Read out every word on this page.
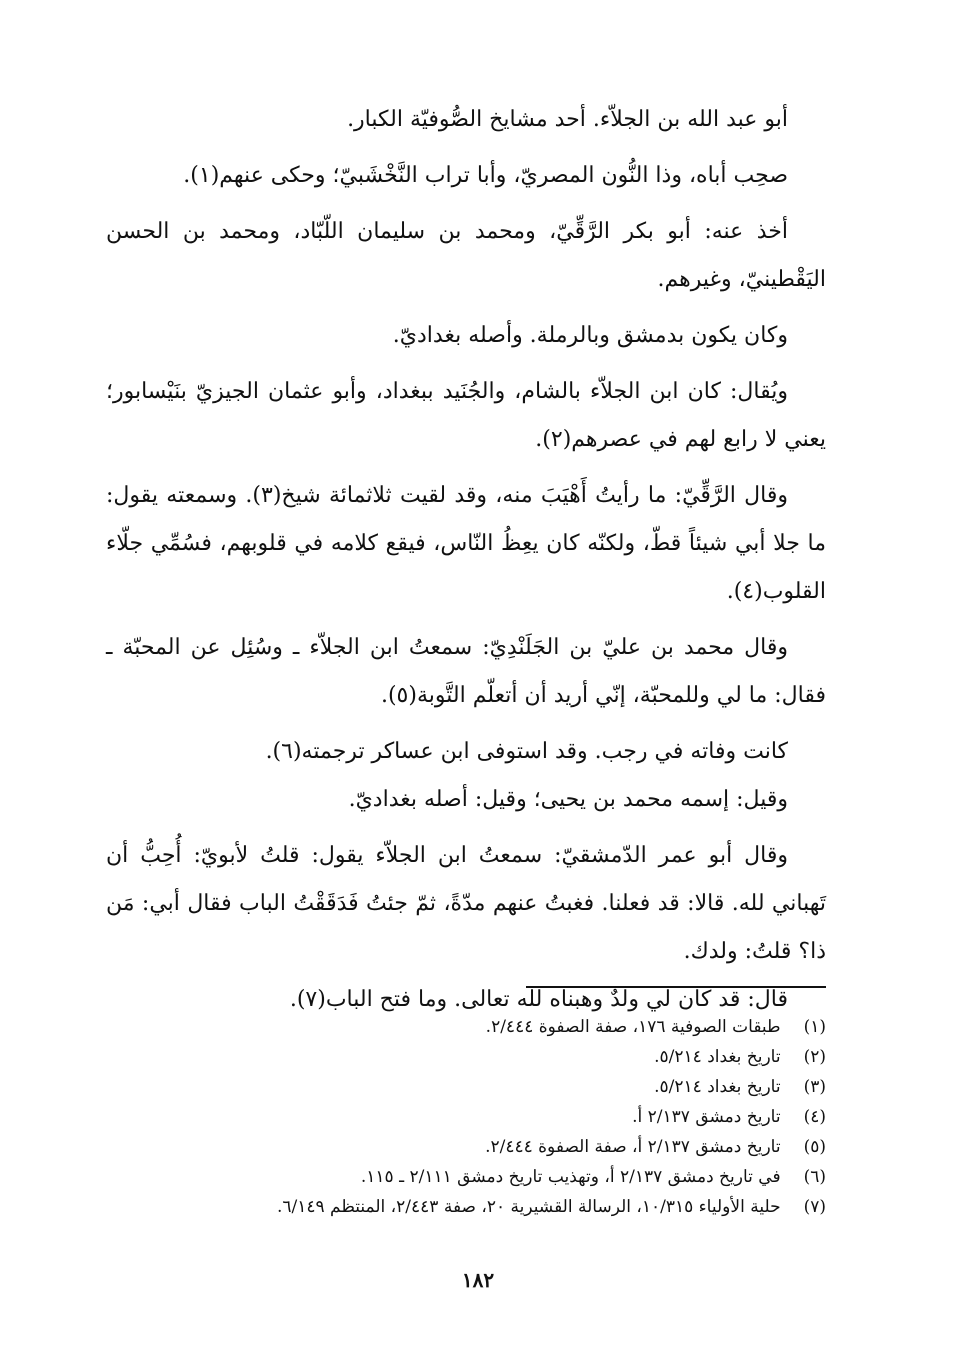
أبو عبد الله بن الجلاّء. أحد مشايخ الصُّوفيّة الكبار.

صحِب أباه، وذا النُّون المصريّ، وأبا تراب النَّخْشَبيّ؛ وحكى عنهم(١).

أخذ عنه: أبو بكر الرَّقِّيّ، ومحمد بن سليمان اللّبّاد، ومحمد بن الحسن اليَقْطينيّ، وغيرهم.

وكان يكون بدمشق وبالرملة. وأصله بغداديّ.

ويُقال: كان ابن الجلاّء بالشام، والجُنَيد ببغداد، وأبو عثمان الجيزيّ بنَيْسابور؛ يعني لا رابع لهم في عصرهم(٢).

وقال الرَّقِّيّ: ما رأيتُ أَهْيَبَ منه، وقد لقيت ثلاثمائة شيخ(٣). وسمعته يقول: ما جلا أبي شيئاً قطّ، ولكنّه كان يعِظُ النّاس، فيقع كلامه في قلوبهم، فسُمِّي جلّاء القلوب(٤).

وقال محمد بن عليّ بن الجَلَنْدِيّ: سمعتُ ابن الجلاّء ـ وسُئِل عن المحبّة ـ فقال: ما لي وللمحبّة، إنّي أريد أن أتعلّم التَّوبة(٥).

كانت وفاته في رجب. وقد استوفى ابن عساكر ترجمته(٦).

وقيل: إسمه محمد بن يحيى؛ وقيل: أصله بغداديّ.

وقال أبو عمر الدّمشقيّ: سمعتُ ابن الجلاّء يقول: قلتُ لأبويّ: أُحِبُّ أن تَهباني لله. قالا: قد فعلنا. فغبتُ عنهم مدّةً، ثمّ جئتُ فَدَقَقْتُ الباب فقال أبي: مَن ذا؟ قلتُ: ولدك.

قال: قد كان لي ولدٌ وهبناه لله تعالى. وما فتح الباب(٧).

(١) طبقات الصوفية ١٧٦، صفة الصفوة ٢/٤٤٤.
(٢) تاريخ بغداد ٥/٢١٤.
(٣) تاريخ بغداد ٥/٢١٤.
(٤) تاريخ دمشق ٢/١٣٧ أ.
(٥) تاريخ دمشق ٢/١٣٧ أ، صفة الصفوة ٢/٤٤٤.
(٦) في تاريخ دمشق ٢/١٣٧ أ، وتهذيب تاريخ دمشق ٢/١١١ ـ ١١٥.
(٧) حلية الأولياء ١٠/٣١٥، الرسالة القشيرية ٢٠، صفة ٢/٤٤٣، المنتظم ٦/١٤٩.
١٨٢
